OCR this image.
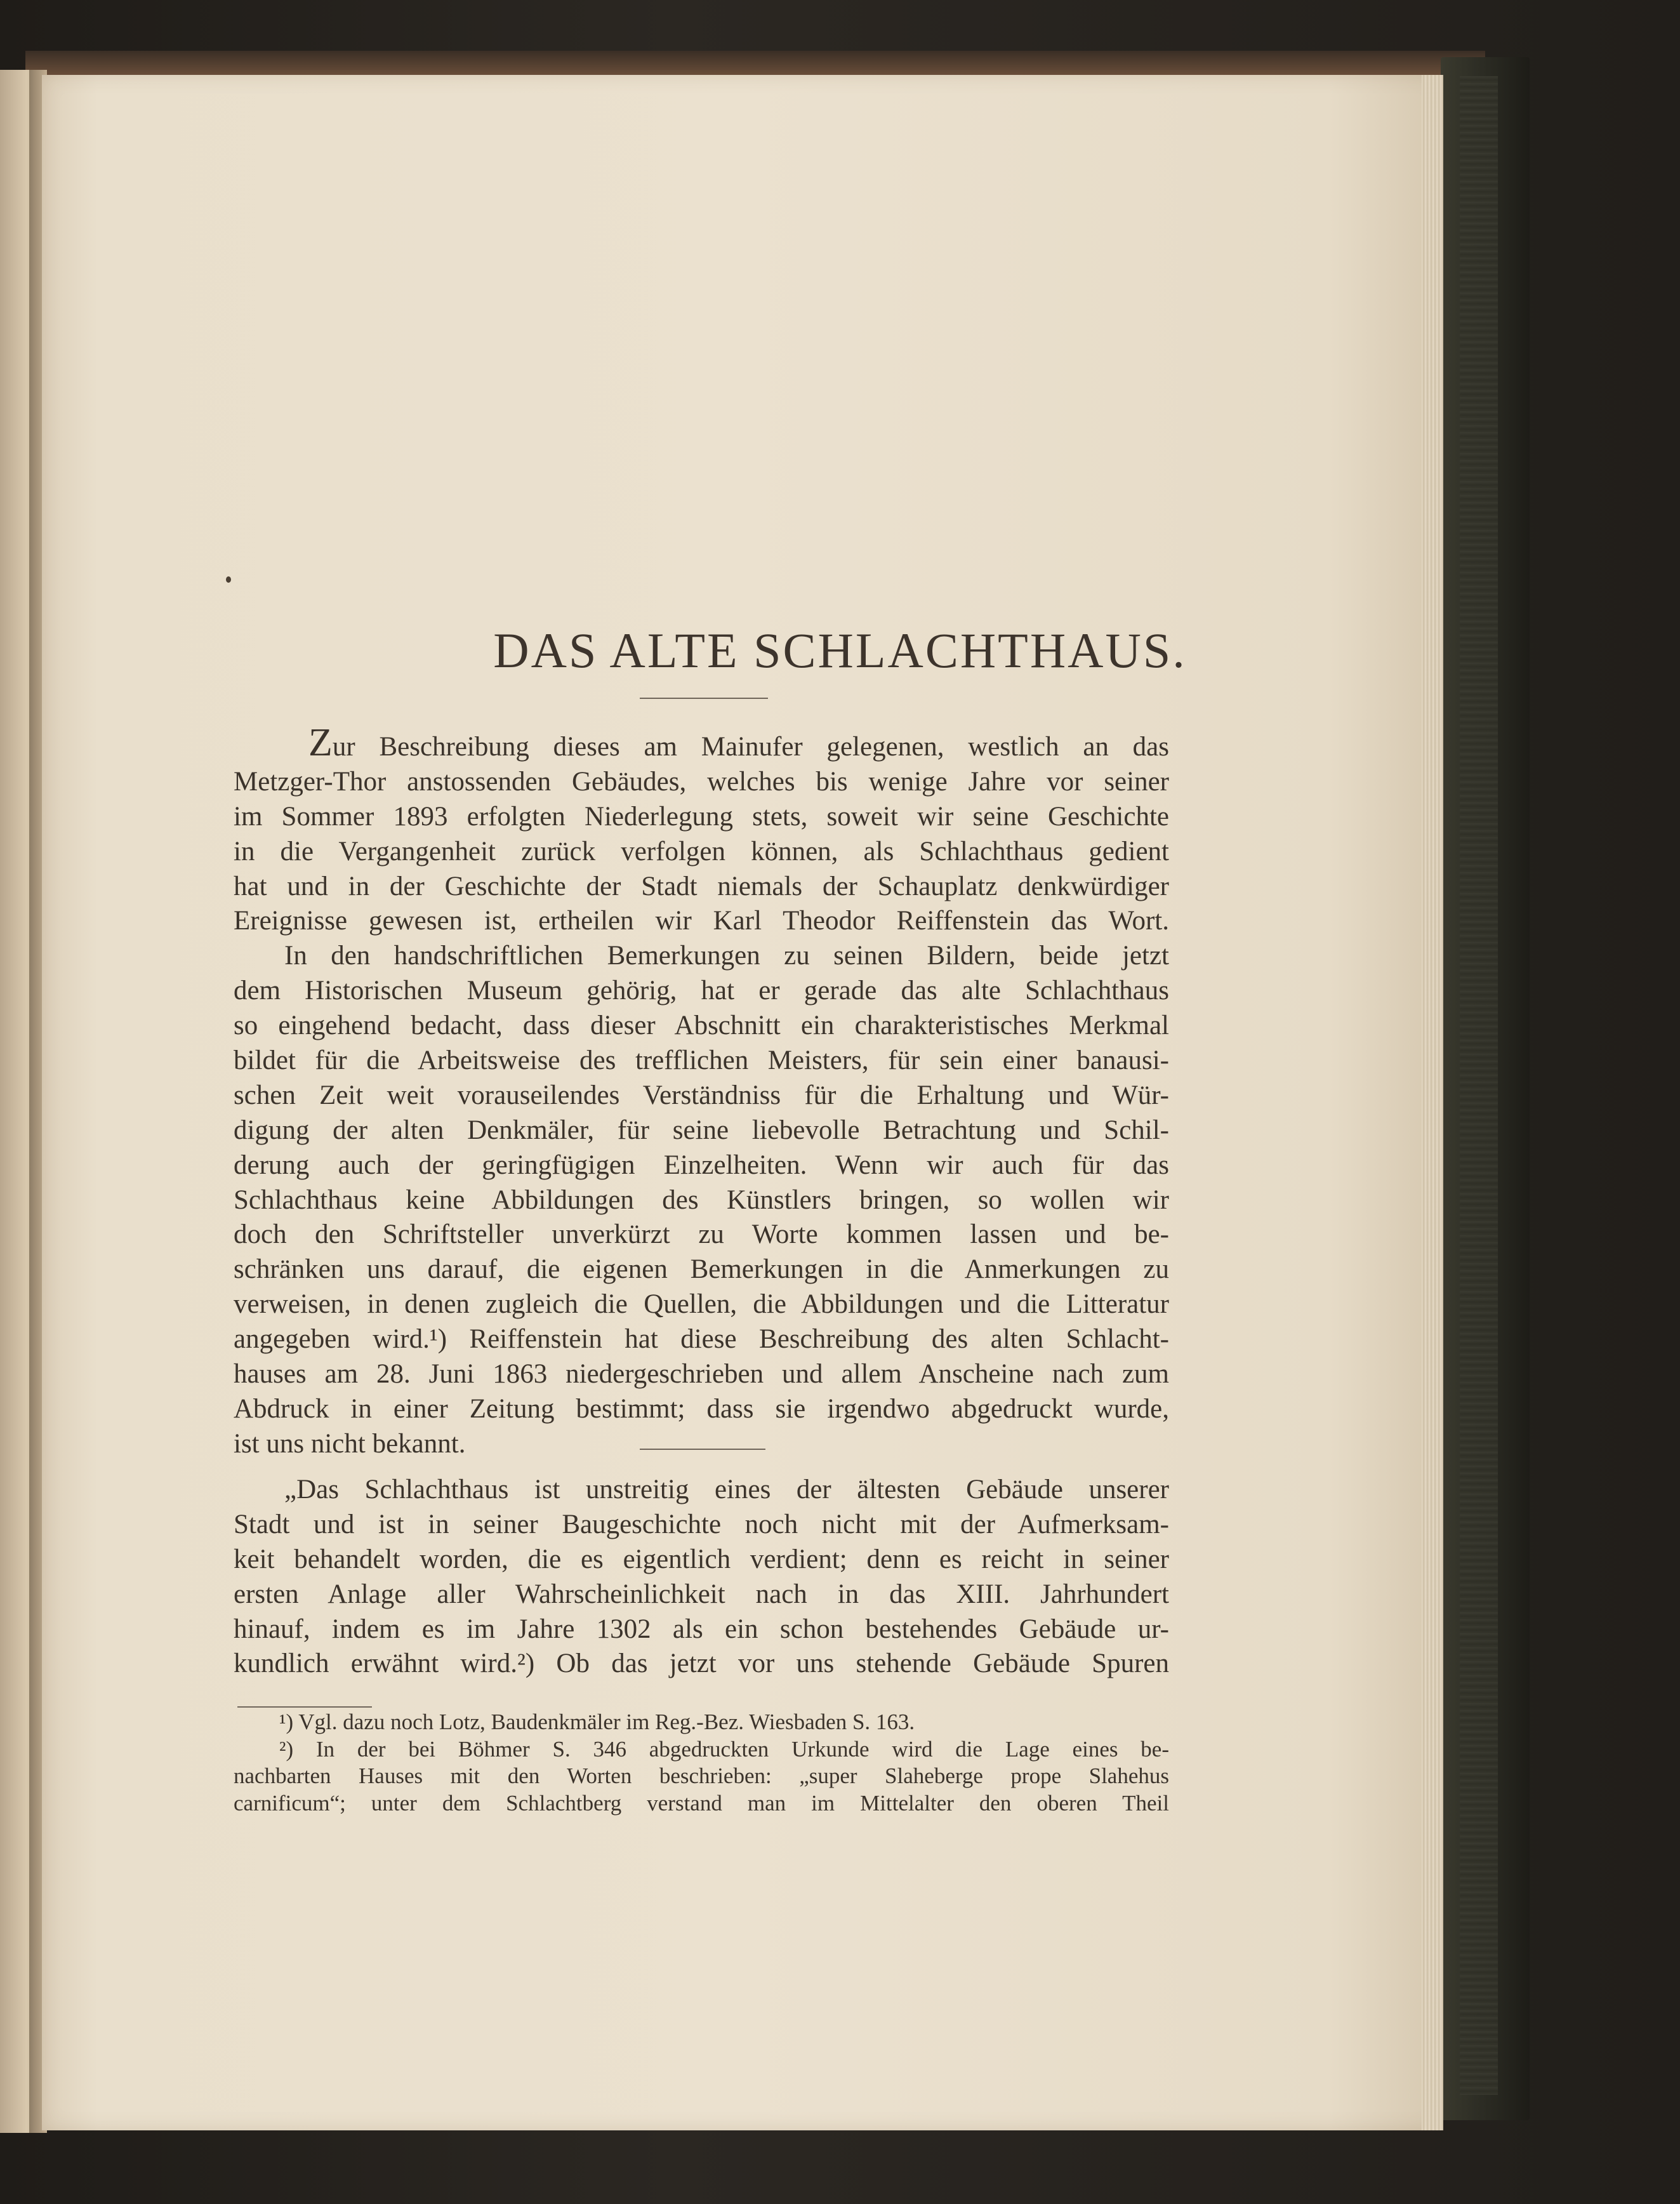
DAS ALTE SCHLACHTHAUS.
Zur Beschreibung dieses am Mainufer gelegenen, westlich an das
Metzger-Thor anstossenden Gebäudes, welches bis wenige Jahre vor seiner
im Sommer 1893 erfolgten Niederlegung stets, soweit wir seine Geschichte
in die Vergangenheit zurück verfolgen können, als Schlachthaus gedient
hat und in der Geschichte der Stadt niemals der Schauplatz denkwürdiger
Ereignisse gewesen ist, ertheilen wir Karl Theodor Reiffenstein das Wort.
In den handschriftlichen Bemerkungen zu seinen Bildern, beide jetzt
dem Historischen Museum gehörig, hat er gerade das alte Schlachthaus
so eingehend bedacht, dass dieser Abschnitt ein charakteristisches Merkmal
bildet für die Arbeitsweise des trefflichen Meisters, für sein einer banausi-
schen Zeit weit vorauseilendes Verständniss für die Erhaltung und Wür-
digung der alten Denkmäler, für seine liebevolle Betrachtung und Schil-
derung auch der geringfügigen Einzelheiten. Wenn wir auch für das
Schlachthaus keine Abbildungen des Künstlers bringen, so wollen wir
doch den Schriftsteller unverkürzt zu Worte kommen lassen und be-
schränken uns darauf, die eigenen Bemerkungen in die Anmerkungen zu
verweisen, in denen zugleich die Quellen, die Abbildungen und die Litteratur
angegeben wird.¹) Reiffenstein hat diese Beschreibung des alten Schlacht-
hauses am 28. Juni 1863 niedergeschrieben und allem Anscheine nach zum
Abdruck in einer Zeitung bestimmt; dass sie irgendwo abgedruckt wurde,
ist uns nicht bekannt.
„Das Schlachthaus ist unstreitig eines der ältesten Gebäude unserer
Stadt und ist in seiner Baugeschichte noch nicht mit der Aufmerksam-
keit behandelt worden, die es eigentlich verdient; denn es reicht in seiner
ersten Anlage aller Wahrscheinlichkeit nach in das XIII. Jahrhundert
hinauf, indem es im Jahre 1302 als ein schon bestehendes Gebäude ur-
kundlich erwähnt wird.²) Ob das jetzt vor uns stehende Gebäude Spuren
¹) Vgl. dazu noch Lotz, Baudenkmäler im Reg.-Bez. Wiesbaden S. 163.
²) In der bei Böhmer S. 346 abgedruckten Urkunde wird die Lage eines be-
nachbarten Hauses mit den Worten beschrieben: „super Slaheberge prope Slahehus
carnificum“; unter dem Schlachtberg verstand man im Mittelalter den oberen Theil
